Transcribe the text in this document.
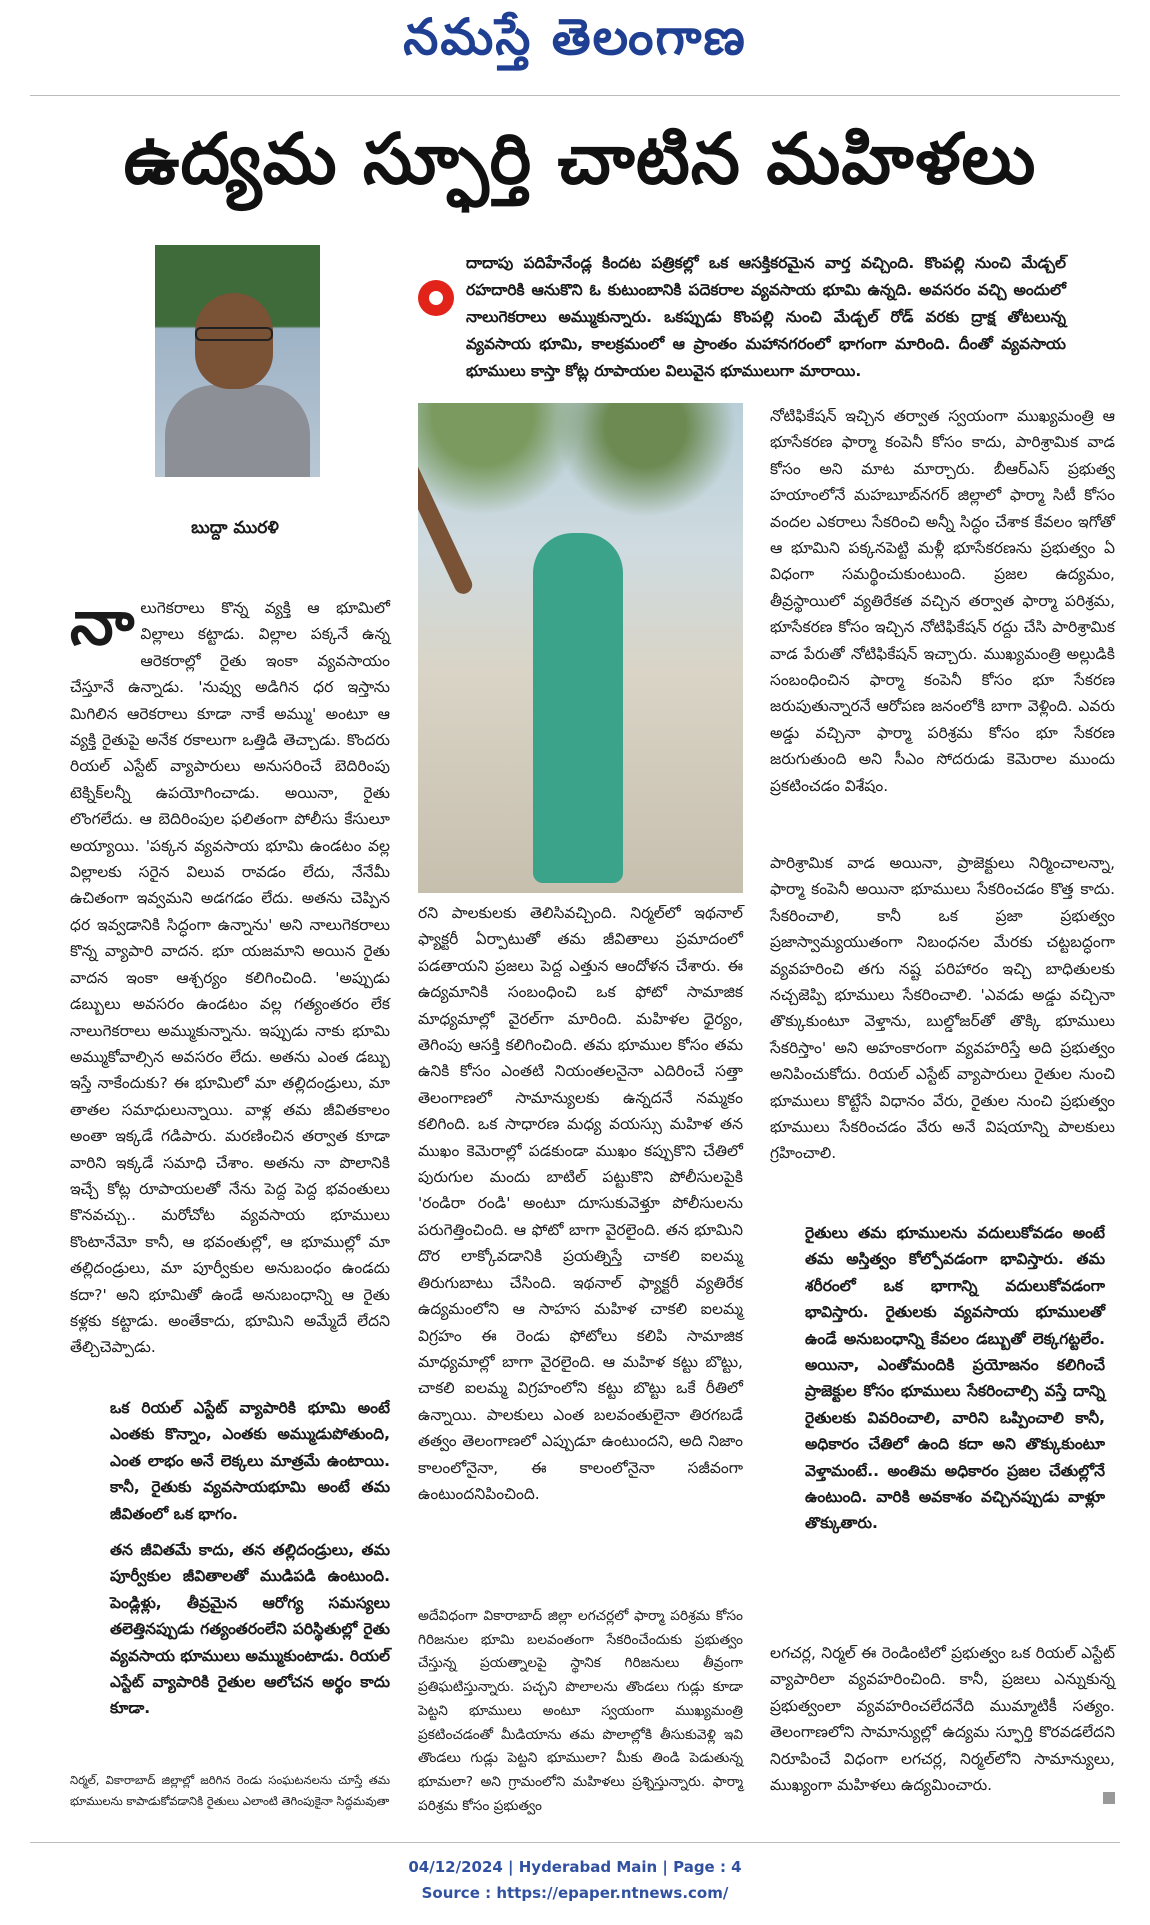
నమస్తే తెలంగాణ
ఉద్యమ స్ఫూర్తి చాటిన మహిళలు
బుద్దా మురళి
దాదాపు పదిహేనేండ్ల కిందట పత్రికల్లో ఒక ఆసక్తికరమైన వార్త వచ్చింది. కొంపల్లి నుంచి మేడ్చల్ రహదారికి ఆనుకొని ఓ కుటుంబానికి పదెకరాల వ్యవసాయ భూమి ఉన్నది. అవసరం వచ్చి అందులో నాలుగెకరాలు అమ్ముకున్నారు. ఒకప్పుడు కొంపల్లి నుంచి మేడ్చల్ రోడ్ వరకు ద్రాక్ష తోటలున్న వ్యవసాయ భూమి, కాలక్రమంలో ఆ ప్రాంతం మహానగరంలో భాగంగా మారింది. దీంతో వ్యవసాయ భూములు కాస్తా కోట్ల రూపాయల విలువైన భూములుగా మారాయి.

నాలుగెకరాలు కొన్న వ్యక్తి ఆ భూమిలో విల్లాలు కట్టాడు. విల్లాల పక్కనే ఉన్న ఆరెకరాల్లో రైతు ఇంకా వ్యవసాయం చేస్తూనే ఉన్నాడు. 'నువ్వు అడిగిన ధర ఇస్తాను మిగిలిన ఆరెకరాలు కూడా నాకే అమ్ము' అంటూ ఆ వ్యక్తి రైతుపై అనేక రకాలుగా ఒత్తిడి తెచ్చాడు. కొందరు రియల్ ఎస్టేట్ వ్యాపారులు అనుసరించే బెదిరింపు టెక్నిక్‌లన్నీ ఉపయోగించాడు. అయినా, రైతు లొంగలేదు. ఆ బెదిరింపుల ఫలితంగా పోలీసు కేసులూ అయ్యాయి. 'పక్కన వ్యవసాయ భూమి ఉండటం వల్ల విల్లాలకు సరైన విలువ రావడం లేదు, నేనేమీ ఉచితంగా ఇవ్వమని అడగడం లేదు. అతను చెప్పిన ధర ఇవ్వడానికి సిద్ధంగా ఉన్నాను' అని నాలుగెకరాలు కొన్న వ్యాపారి వాదన. భూ యజమాని అయిన రైతు వాదన ఇంకా ఆశ్చర్యం కలిగించింది. 'అప్పుడు డబ్బులు అవసరం ఉండటం వల్ల గత్యంతరం లేక నాలుగెకరాలు అమ్ముకున్నాను. ఇప్పుడు నాకు భూమి అమ్ముకోవాల్సిన అవసరం లేదు. అతను ఎంత డబ్బు ఇస్తే నాకేందుకు? ఈ భూమిలో మా తల్లిదండ్రులు, మా తాతల సమాధులున్నాయి. వాళ్ల తమ జీవితకాలం అంతా ఇక్కడే గడిపారు. మరణించిన తర్వాత కూడా వారిని ఇక్కడే సమాధి చేశాం. అతను నా పొలానికి ఇచ్చే కోట్ల రూపాయలతో నేను పెద్ద పెద్ద భవంతులు కొనవచ్చు.. మరోచోట వ్యవసాయ భూములు కొంటానేమో కానీ, ఆ భవంతుల్లో, ఆ భూముల్లో మా తల్లిదండ్రులు, మా పూర్వీకుల అనుబంధం ఉండదు కదా?' అని భూమితో ఉండే అనుబంధాన్ని ఆ రైతు కళ్లకు కట్టాడు. అంతేకాదు, భూమిని అమ్మేదే లేదని తేల్చిచెప్పాడు.

ఒక రియల్ ఎస్టేట్ వ్యాపారికి భూమి అంటే ఎంతకు కొన్నాం, ఎంతకు అమ్ముడుపోతుంది, ఎంత లాభం అనే లెక్కలు మాత్రమే ఉంటాయి. కానీ, రైతుకు వ్యవసాయభూమి అంటే తమ జీవితంలో ఒక భాగం.

తన జీవితమే కాదు, తన తల్లిదండ్రులు, తమ పూర్వీకుల జీవితాలతో ముడిపడి ఉంటుంది. పెండ్లిళ్లు, తీవ్రమైన ఆరోగ్య సమస్యలు తలెత్తినప్పుడు గత్యంతరంలేని పరిస్థితుల్లో రైతు వ్యవసాయ భూములు అమ్ముకుంటాడు. రియల్ ఎస్టేట్ వ్యాపారికి రైతుల ఆలోచన అర్థం కాదు కూడా.

నిర్మల్, వికారాబాద్ జిల్లాల్లో జరిగిన రెండు సంఘటనలను చూస్తే తమ భూములను కాపాడుకోవడానికి రైతులు ఎలాంటి తెగింపుకైనా సిద్ధమవుతా

రని పాలకులకు తెలిసివచ్చింది. నిర్మల్‌లో ఇథనాల్ ఫ్యాక్టరీ ఏర్పాటుతో తమ జీవితాలు ప్రమాదంలో పడతాయని ప్రజలు పెద్ద ఎత్తున ఆందోళన చేశారు. ఈ ఉద్యమానికి సంబంధించి ఒక ఫోటో సామాజిక మాధ్యమాల్లో వైరల్‌గా మారింది. మహిళల ధైర్యం, తెగింపు ఆసక్తి కలిగించింది. తమ భూముల కోసం తమ ఉనికి కోసం ఎంతటి నియంతలనైనా ఎదిరించే సత్తా తెలంగాణలో సామాన్యులకు ఉన్నదనే నమ్మకం కలిగింది. ఒక సాధారణ మధ్య వయస్సు మహిళ తన ముఖం కెమెరాల్లో పడకుండా ముఖం కప్పుకొని చేతిలో పురుగుల మందు బాటిల్ పట్టుకొని పోలీసులపైకి 'రండిరా రండి' అంటూ దూసుకువెళ్తూ పోలీసులను పరుగెత్తించింది. ఆ ఫోటో బాగా వైరలైంది. తన భూమిని దొర లాక్కోవడానికి ప్రయత్నిస్తే చాకలి ఐలమ్మ తిరుగుబాటు చేసింది. ఇథనాల్ ఫ్యాక్టరీ వ్యతిరేక ఉద్యమంలోని ఆ సాహస మహిళ చాకలి ఐలమ్మ విగ్రహం ఈ రెండు ఫోటోలు కలిపి సామాజిక మాధ్యమాల్లో బాగా వైరలైంది. ఆ మహిళ కట్టు బొట్టు, చాకలి ఐలమ్మ విగ్రహంలోని కట్టు బొట్టు ఒకే రీతిలో ఉన్నాయి. పాలకులు ఎంత బలవంతులైనా తిరగబడే తత్వం తెలంగాణలో ఎప్పుడూ ఉంటుందని, అది నిజాం కాలంలోనైనా, ఈ కాలంలోనైనా సజీవంగా ఉంటుందనిపించింది.

అదేవిధంగా వికారాబాద్ జిల్లా లగచర్లలో ఫార్మా పరిశ్రమ కోసం గిరిజనుల భూమి బలవంతంగా సేకరించేందుకు ప్రభుత్వం చేస్తున్న ప్రయత్నాలపై స్థానిక గిరిజనులు తీవ్రంగా ప్రతిఘటిస్తున్నారు. పచ్చని పొలాలను తొండలు గుడ్లు కూడా పెట్టని భూములు అంటూ స్వయంగా ముఖ్యమంత్రి ప్రకటించడంతో మీడియాను తమ పొలాల్లోకి తీసుకువెళ్లి ఇవి తొండలు గుడ్లు పెట్టని భూములా? మీకు తిండి పెడుతున్న భూమలా? అని గ్రామంలోని మహిళలు ప్రశ్నిస్తున్నారు. ఫార్మా పరిశ్రమ కోసం ప్రభుత్వం

నోటిఫికేషన్ ఇచ్చిన తర్వాత స్వయంగా ముఖ్యమంత్రి ఆ భూసేకరణ ఫార్మా కంపెనీ కోసం కాదు, పారిశ్రామిక వాడ కోసం అని మాట మార్చారు. బీఆర్ఎస్ ప్రభుత్వ హయాంలోనే మహబూబ్‌నగర్ జిల్లాలో ఫార్మా సిటీ కోసం వందల ఎకరాలు సేకరించి అన్నీ సిద్ధం చేశాక కేవలం ఇగోతో ఆ భూమిని పక్కనపెట్టి మళ్లీ భూసేకరణను ప్రభుత్వం ఏ విధంగా సమర్థించుకుంటుంది. ప్రజల ఉద్యమం, తీవ్రస్థాయిలో వ్యతిరేకత వచ్చిన తర్వాత ఫార్మా పరిశ్రమ, భూసేకరణ కోసం ఇచ్చిన నోటిఫికేషన్ రద్దు చేసి పారిశ్రామిక వాడ పేరుతో నోటిఫికేషన్ ఇచ్చారు. ముఖ్యమంత్రి అల్లుడికి సంబంధించిన ఫార్మా కంపెనీ కోసం భూ సేకరణ జరుపుతున్నారనే ఆరోపణ జనంలోకి బాగా వెళ్లింది. ఎవరు అడ్డు వచ్చినా ఫార్మా పరిశ్రమ కోసం భూ సేకరణ జరుగుతుంది అని సీఎం సోదరుడు కెమెరాల ముందు ప్రకటించడం విశేషం.

పారిశ్రామిక వాడ అయినా, ప్రాజెక్టులు నిర్మించాలన్నా, ఫార్మా కంపెనీ అయినా భూములు సేకరించడం కొత్త కాదు. సేకరించాలి, కానీ ఒక ప్రజా ప్రభుత్వం ప్రజాస్వామ్యయుతంగా నిబంధనల మేరకు చట్టబద్ధంగా వ్యవహరించి తగు నష్ట పరిహారం ఇచ్చి బాధితులకు నచ్చజెప్పి భూములు సేకరించాలి. 'ఎవడు అడ్డు వచ్చినా తొక్కుకుంటూ వెళ్తాను, బుల్డోజర్‌తో తొక్కి భూములు సేకరిస్తాం' అని అహంకారంగా వ్యవహరిస్తే అది ప్రభుత్వం అనిపించుకోదు. రియల్ ఎస్టేట్ వ్యాపారులు రైతుల నుంచి భూములు కొట్టేసే విధానం వేరు, రైతుల నుంచి ప్రభుత్వం భూములు సేకరించడం వేరు అనే విషయాన్ని పాలకులు గ్రహించాలి.

రైతులు తమ భూములను వదులుకోవడం అంటే తమ అస్తిత్వం కోల్పోవడంగా భావిస్తారు. తమ శరీరంలో ఒక భాగాన్ని వదులుకోవడంగా భావిస్తారు. రైతులకు వ్యవసాయ భూములతో ఉండే అనుబంధాన్ని కేవలం డబ్బుతో లెక్కగట్టలేం. అయినా, ఎంతోమందికి ప్రయోజనం కలిగించే ప్రాజెక్టుల కోసం భూములు సేకరించాల్సి వస్తే దాన్ని రైతులకు వివరించాలి, వారిని ఒప్పించాలి కానీ, అధికారం చేతిలో ఉంది కదా అని తొక్కుకుంటూ వెళ్తామంటే.. అంతిమ అధికారం ప్రజల చేతుల్లోనే ఉంటుంది. వారికి అవకాశం వచ్చినప్పుడు వాళ్లూ తొక్కుతారు.

లగచర్ల, నిర్మల్ ఈ రెండింటిలో ప్రభుత్వం ఒక రియల్ ఎస్టేట్ వ్యాపారిలా వ్యవహరించింది. కానీ, ప్రజలు ఎన్నుకున్న ప్రభుత్వంలా వ్యవహరించలేదనేది ముమ్మాటికీ సత్యం. తెలంగాణలోని సామాన్యుల్లో ఉద్యమ స్ఫూర్తి కొరవడలేదని నిరూపించే విధంగా లగచర్ల, నిర్మల్‌లోని సామాన్యులు, ముఖ్యంగా మహిళలు ఉద్యమించారు.

04/12/2024 | Hyderabad Main | Page : 4
Source : https://epaper.ntnews.com/
